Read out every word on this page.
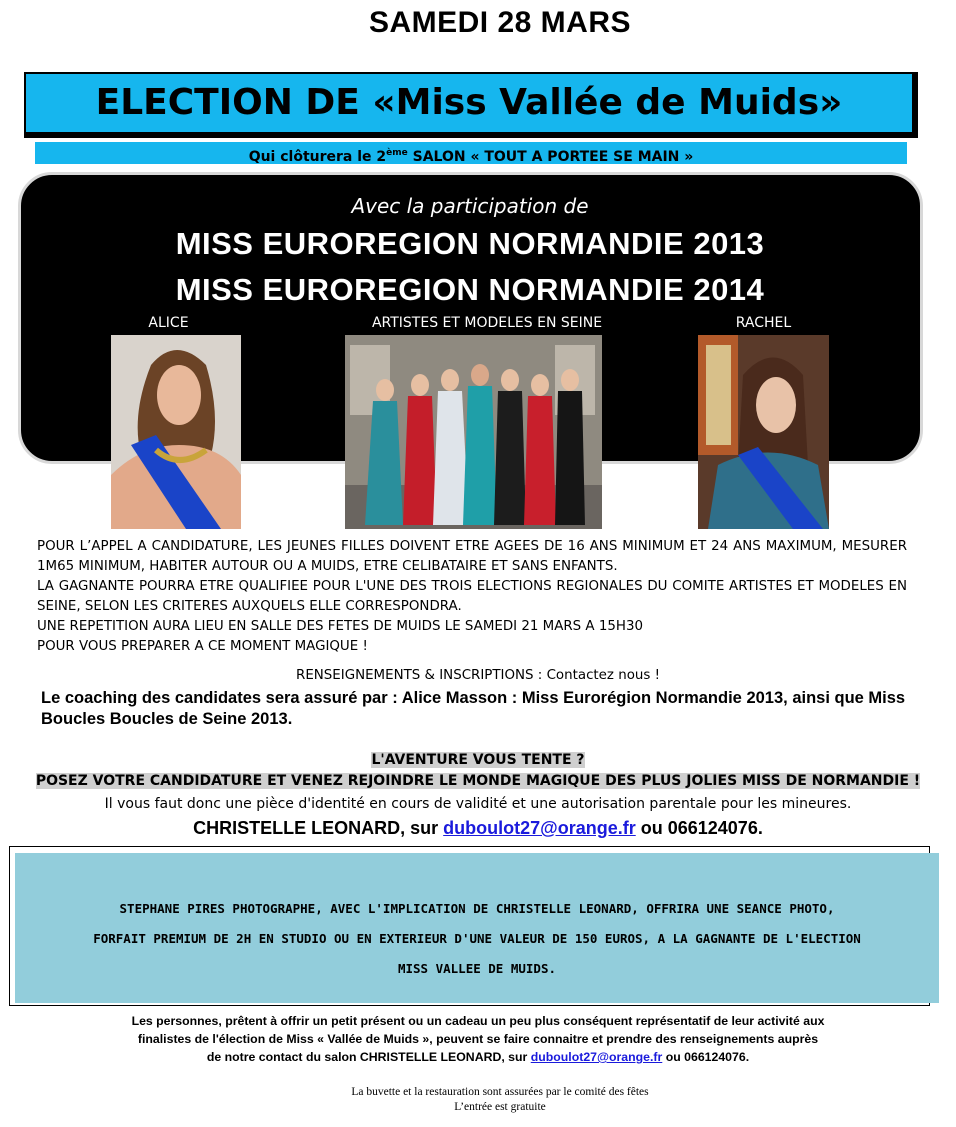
SAMEDI 28 MARS
ELECTION DE «Miss Vallée de Muids»
Qui clôturera le 2ème SALON « TOUT A PORTEE SE MAIN »
Avec la participation de
MISS EUROREGION NORMANDIE 2013
MISS EUROREGION NORMANDIE 2014
ALICE	ARTISTES ET MODELES EN SEINE	RACHEL

POUR L’APPEL A CANDIDATURE, LES JEUNES FILLES DOIVENT ETRE AGEES DE 16 ANS MINIMUM ET 24 ANS MAXIMUM, MESURER 1M65 MINIMUM, HABITER AUTOUR OU A MUIDS, ETRE CELIBATAIRE ET SANS ENFANTS.

LA GAGNANTE POURRA ETRE QUALIFIEE POUR L'UNE DES TROIS ELECTIONS REGIONALES DU COMITE ARTISTES ET MODELES EN SEINE, SELON LES CRITERES AUXQUELS ELLE CORRESPONDRA.

UNE REPETITION AURA LIEU EN SALLE DES FETES DE MUIDS LE SAMEDI 21 MARS A 15H30

POUR VOUS PREPARER A CE MOMENT MAGIQUE !

RENSEIGNEMENTS & INSCRIPTIONS : Contactez nous !
Le coaching des candidates sera assuré par : Alice Masson : Miss Eurorégion Normandie 2013, ainsi que Miss Boucles Boucles de Seine 2013.
L'AVENTURE VOUS TENTE ?
POSEZ VOTRE CANDIDATURE ET VENEZ REJOINDRE LE MONDE MAGIQUE DES PLUS JOLIES MISS DE NORMANDIE !
Il vous faut donc une pièce d'identité en cours de validité et une autorisation parentale pour les mineures.
CHRISTELLE LEONARD, sur duboulot27@orange.fr ou 066124076.
STEPHANE PIRES PHOTOGRAPHE, AVEC L'IMPLICATION DE CHRISTELLE LEONARD, OFFRIRA UNE SEANCE PHOTO,
FORFAIT PREMIUM DE 2H EN STUDIO OU EN EXTERIEUR D'UNE VALEUR DE 150 EUROS, A LA GAGNANTE DE L'ELECTION
MISS VALLEE DE MUIDS.
Les personnes, prêtent à offrir un petit présent ou un cadeau un peu plus conséquent représentatif de leur activité aux
finalistes de l'élection de Miss « Vallée de Muids », peuvent se faire connaitre et prendre des renseignements auprès
de notre contact du salon CHRISTELLE LEONARD, sur duboulot27@orange.fr ou 066124076.
La buvette et la restauration sont assurées par le comité des fêtes
L’entrée est gratuite
